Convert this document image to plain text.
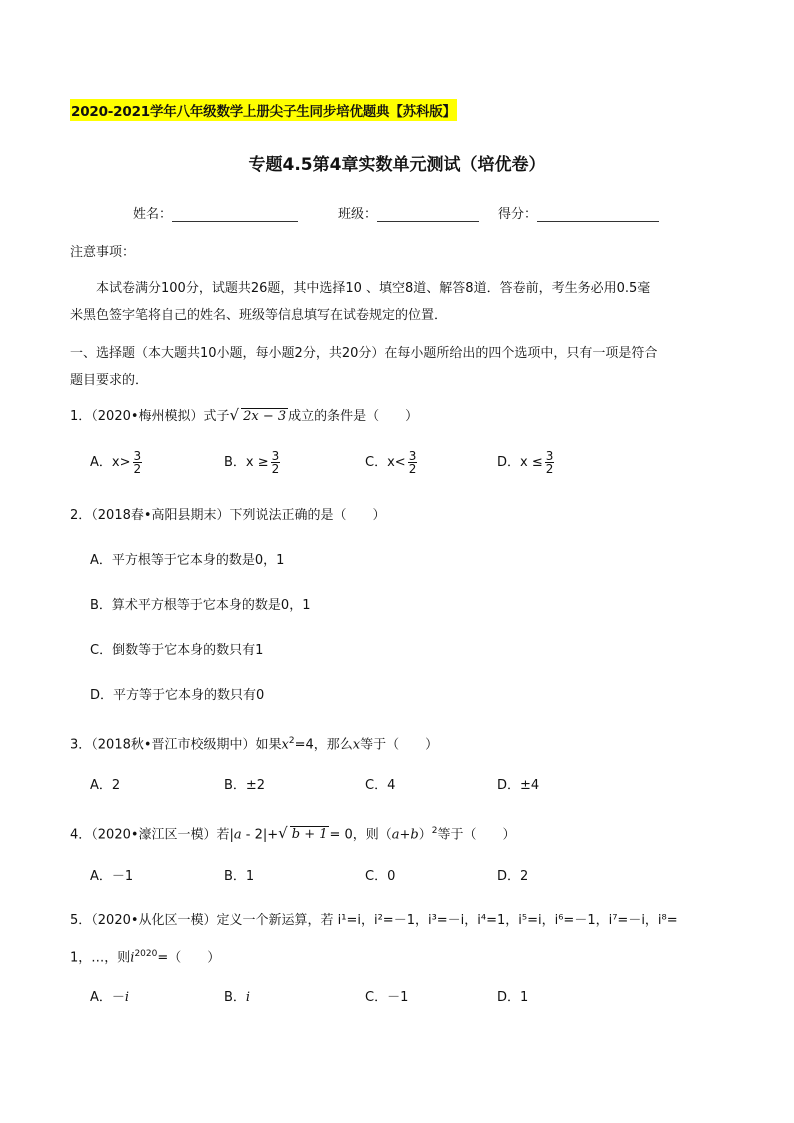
2020-2021学年八年级数学上册尖子生同步培优题典【苏科版】
专题4.5第4章实数单元测试（培优卷）
姓名：	班级：	得分：
注意事项：
本试卷满分100分，试题共26题，其中选择10 、填空8道、解答8道．答卷前，考生务必用0.5毫
米黑色签字笔将自己的姓名、班级等信息填写在试卷规定的位置．
一、选择题（本大题共10小题，每小题2分，共20分）在每小题所给出的四个选项中，只有一项是符合
题目要求的．
1．（2020•梅州模拟）式子√ 2x − 3 成立的条件是（　　）
A．$x> \frac{3}{2}$	B．$x \ge \frac{3}{2}$	C．$x< \frac{3}{2}$	D．$x \le \frac{3}{2}$
2．（2018春•高阳县期末）下列说法正确的是（　　）
A．平方根等于它本身的数是0，1
B．算术平方根等于它本身的数是0，1
C．倒数等于它本身的数只有1
D．平方等于它本身的数只有0
3．（2018秋•晋江市校级期中）如果$x^2=4$，那么x等于（　　）
A．2	B．±2	C．4	D．±4
4．（2020•濠江区一模）若|a - 2|+√ b + 1 = 0，则$(a+b)^2$等于（　　）
A．－1	B．1	C．0	D．2
5．（2020•从化区一模）定义一个新运算，若 i¹=i，i²=－1，i³=－i，i⁴=1，i⁵=i，i⁶=－1，i⁷=－i，i⁸=
1，…，则$i^{2020}=$（　　）
A．－i	B．i	C．－1	D．1
